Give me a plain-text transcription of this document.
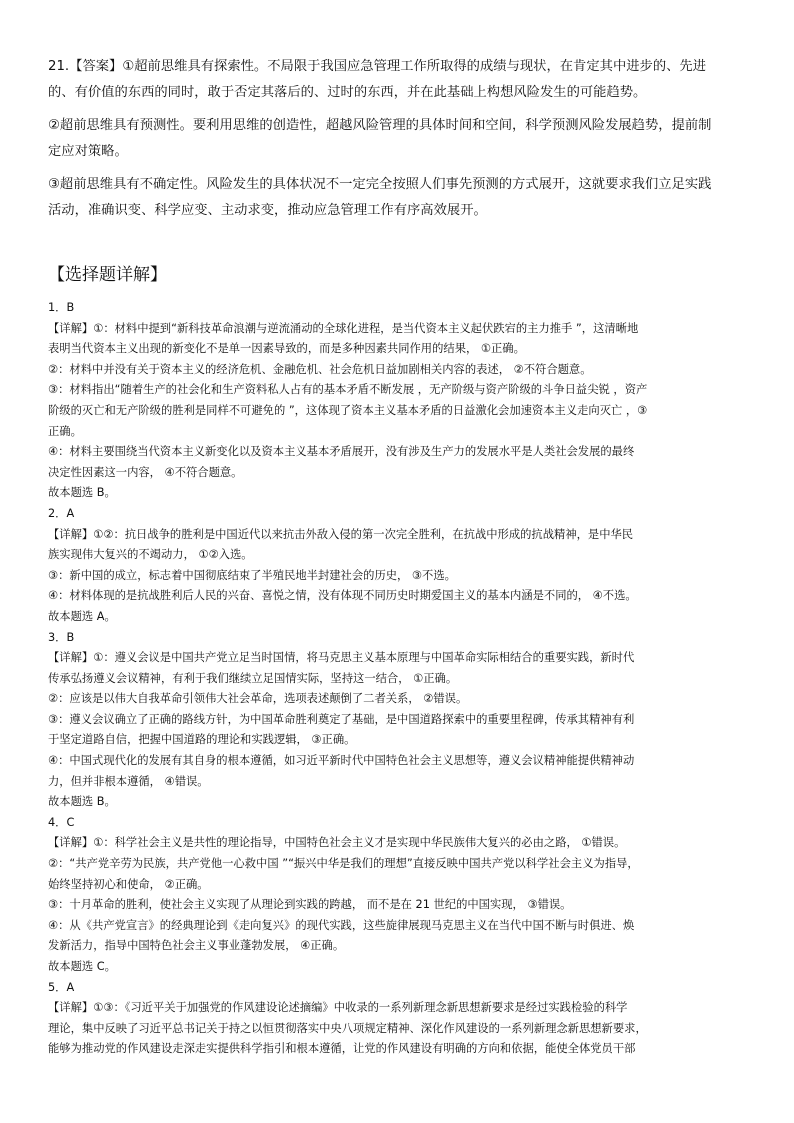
21.【答案】①超前思维具有探索性。不局限于我国应急管理工作所取得的成绩与现状，在肯定其中进步的、先进

的、有价值的东西的同时，敢于否定其落后的、过时的东西，并在此基础上构想风险发生的可能趋势。

②超前思维具有预测性。要利用思维的创造性，超越风险管理的具体时间和空间，科学预测风险发展趋势，提前制

定应对策略。

③超前思维具有不确定性。风险发生的具体状况不一定完全按照人们事先预测的方式展开，这就要求我们立足实践

活动，准确识变、科学应变、主动求变，推动应急管理工作有序高效展开。

【选择题详解】
1．B
【详解】①：材料中提到“新科技革命浪潮与逆流涌动的全球化进程，是当代资本主义起伏跌宕的主力推手 ”，这清晰地
表明当代资本主义出现的新变化不是单一因素导致的，而是多种因素共同作用的结果， ①正确。
②：材料中并没有关于资本主义的经济危机、金融危机、社会危机日益加剧相关内容的表述， ②不符合题意。
③：材料指出“随着生产的社会化和生产资料私人占有的基本矛盾不断发展 ，无产阶级与资产阶级的斗争日益尖锐 ，资产
阶级的灭亡和无产阶级的胜利是同样不可避免的 ”，这体现了资本主义基本矛盾的日益激化会加速资本主义走向灭亡 ，③
正确。
④：材料主要围绕当代资本主义新变化以及资本主义基本矛盾展开，没有涉及生产力的发展水平是人类社会发展的最终
决定性因素这一内容， ④不符合题意。
故本题选 B。
2．A
【详解】①②：抗日战争的胜利是中国近代以来抗击外敌入侵的第一次完全胜利，在抗战中形成的抗战精神，是中华民
族实现伟大复兴的不竭动力， ①②入选。
③：新中国的成立，标志着中国彻底结束了半殖民地半封建社会的历史， ③不选。
④：材料体现的是抗战胜利后人民的兴奋、喜悦之情，没有体现不同历史时期爱国主义的基本内涵是不同的， ④不选。
故本题选 A。
3．B
【详解】①：遵义会议是中国共产党立足当时国情，将马克思主义基本原理与中国革命实际相结合的重要实践，新时代
传承弘扬遵义会议精神，有利于我们继续立足国情实际，坚持这一结合， ①正确。
②：应该是以伟大自我革命引领伟大社会革命，选项表述颠倒了二者关系， ②错误。
③：遵义会议确立了正确的路线方针，为中国革命胜利奠定了基础，是中国道路探索中的重要里程碑，传承其精神有利
于坚定道路自信，把握中国道路的理论和实践逻辑， ③正确。
④：中国式现代化的发展有其自身的根本遵循，如习近平新时代中国特色社会主义思想等，遵义会议精神能提供精神动
力，但并非根本遵循， ④错误。
故本题选 B。
4．C
【详解】①：科学社会主义是共性的理论指导，中国特色社会主义才是实现中华民族伟大复兴的必由之路， ①错误。
②：“共产党辛劳为民族，共产党他一心救中国 ”“振兴中华是我们的理想”直接反映中国共产党以科学社会主义为指导，
始终坚持初心和使命， ②正确。
③：十月革命的胜利，使社会主义实现了从理论到实践的跨越， 而不是在 21 世纪的中国实现， ③错误。
④：从《共产党宣言》的经典理论到《走向复兴》的现代实践，这些旋律展现马克思主义在当代中国不断与时俱进、焕
发新活力，指导中国特色社会主义事业蓬勃发展， ④正确。
故本题选 C。
5．A
【详解】①③：《习近平关于加强党的作风建设论述摘编》中收录的一系列新理念新思想新要求是经过实践检验的科学
理论，集中反映了习近平总书记关于持之以恒贯彻落实中央八项规定精神、深化作风建设的一系列新理念新思想新要求，
能够为推动党的作风建设走深走实提供科学指引和根本遵循，让党的作风建设有明确的方向和依据，能使全体党员干部
